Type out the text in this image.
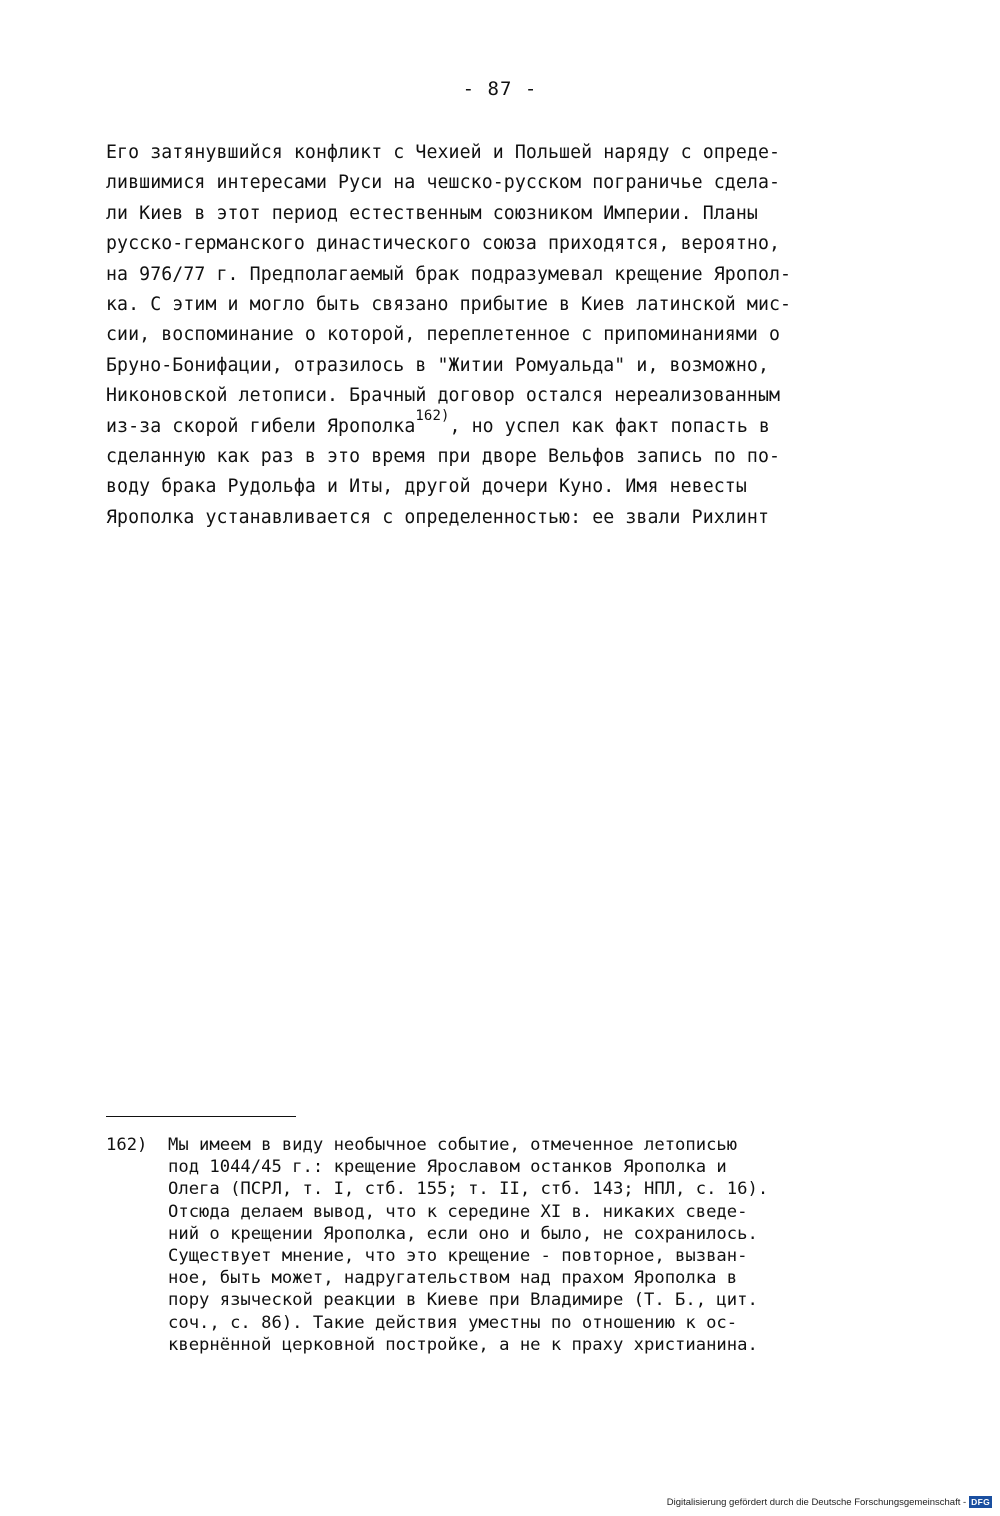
- 87 -
Его затянувшийся конфликт с Чехией и Польшей наряду с опреде-
лившимися интересами Руси на чешско-русском пограничье сдела-
ли Киев в этот период естественным союзником Империи. Планы
русско-германского династического союза приходятся, вероятно,
на 976/77 г. Предполагаемый брак подразумевал крещение Яропол-
ка. С этим и могло быть связано прибытие в Киев латинской мис-
сии, воспоминание о которой, переплетенное с припоминаниями о
Бруно-Бонифации, отразилось в "Житии Ромуальда" и, возможно,
Никоновской летописи. Брачный договор остался нереализованным
из-за скорой гибели Ярополка$^{162)}$, но успел как факт попасть в
сделанную как раз в это время при дворе Вельфов запись по по-
воду брака Рудольфа и Иты, другой дочери Куно. Имя невесты
Ярополка устанавливается с определенностью: ее звали Рихлинт
162) Мы имеем в виду необычное событие, отмеченное летописью
под 1044/45 г.: крещение Ярославом останков Ярополка и
Олега (ПСРЛ, т. I, стб. 155; т. II, стб. 143; НПЛ, с. 16).
Отсюда делаем вывод, что к середине XI в. никаких сведе-
ний о крещении Ярополка, если оно и было, не сохранилось.
Существует мнение, что это крещение - повторное, вызван-
ное, быть может, надругательством над прахом Ярополка в
пору языческой реакции в Киеве при Владимире (Т. Б., цит.
соч., с. 86). Такие действия уместны по отношению к ос-
квернённой церковной постройке, а не к праху христианина.
Digitalisierung gefördert durch die Deutsche Forschungsgemeinschaft - DFG
